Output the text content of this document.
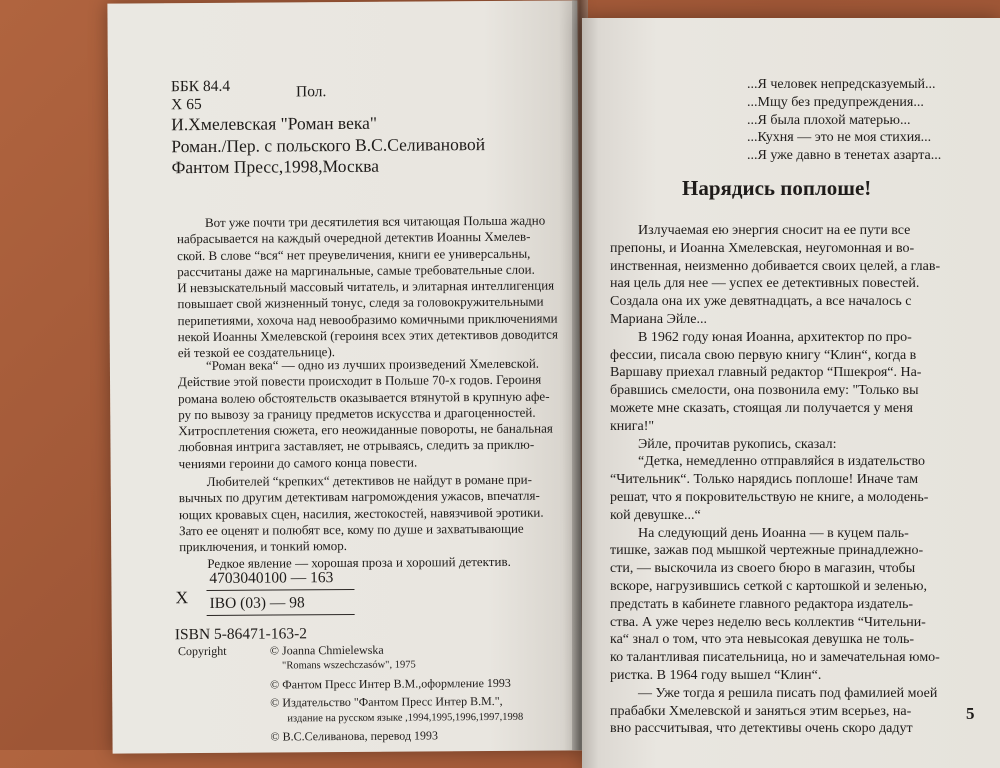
ББК 84.4	Пол.

Х 65

И.Хмелевская "Роман века"

Роман./Пер. с польского В.С.Селивановой

Фантом Пресс,1998,Москва

Вот уже почти три десятилетия вся читающая Польша жадно
набрасывается на каждый очередной детектив Иоанны Хмелев-
ской. В слове “вся“ нет преувеличения, книги ее универсальны,
рассчитаны даже на маргинальные, самые требовательные слои.
И невзыскательный массовый читатель, и элитарная интеллигенция
повышает свой жизненный тонус, следя за головокружительными
перипетиями, хохоча над невообразимо комичными приключениями
некой Иоанны Хмелевской (героиня всех этих детективов доводится
ей тезкой ее создательнице).
“Роман века“ — одно из лучших произведений Хмелевской.
Действие этой повести происходит в Польше 70-х годов. Героиня
романа волею обстоятельств оказывается втянутой в крупную афе-
ру по вывозу за границу предметов искусства и драгоценностей.
Хитросплетения сюжета, его неожиданные повороты, не банальная
любовная интрига заставляет, не отрываясь, следить за приклю-
чениями героини до самого конца повести.
Любителей “крепких“ детективов не найдут в романе при-
вычных по другим детективам нагромождения ужасов, впечатля-
ющих кровавых сцен, насилия, жестокостей, навязчивой эротики.
Зато ее оценят и полюбят все, кому по душе и захватывающие
приключения, и тонкий юмор.
Редкое явление — хорошая проза и хороший детектив.

Х

4703040100 — 163

IBO (03) — 98

ISBN 5-86471-163-2

Copyright	© Joanna Chmielewska

"Romans wszechczasów", 1975

© Фантом Пресс Интер В.М.,оформление 1993

© Издательство "Фантом Пресс Интер В.М.",

издание на русском языке ,1994,1995,1996,1997,1998

© В.С.Селиванова, перевод 1993

...Я человек непредсказуемый...
...Мщу без предупреждения...
...Я была плохой матерью...
...Кухня — это не моя стихия...
...Я уже давно в тенетах азарта...

Нарядись поплоше!

Излучаемая ею энергия сносит на ее пути все
препоны, и Иоанна Хмелевская, неугомонная и во-
инственная, неизменно добивается своих целей, а глав-
ная цель для нее — успех ее детективных повестей.
Создала она их уже девятнадцать, а все началось с
Мариана Эйле...
В 1962 году юная Иоанна, архитектор по про-
фессии, писала свою первую книгу “Клин“, когда в
Варшаву приехал главный редактор “Пшекроя“. На-
бравшись смелости, она позвонила ему: "Только вы
можете мне сказать, стоящая ли получается у меня
книга!"
Эйле, прочитав рукопись, сказал:
“Детка, немедленно отправляйся в издательство
“Чительник“. Только нарядись поплоше! Иначе там
решат, что я покровительствую не книге, а молодень-
кой девушке...“
На следующий день Иоанна — в куцем паль-
тишке, зажав под мышкой чертежные принадлежно-
сти, — выскочила из своего бюро в магазин, чтобы
вскоре, нагрузившись сеткой с картошкой и зеленью,
предстать в кабинете главного редактора издатель-
ства. А уже через неделю весь коллектив “Чительни-
ка“ знал о том, что эта невысокая девушка не толь-
ко талантливая писательница, но и замечательная юмо-
ристка. В 1964 году вышел “Клин“.
— Уже тогда я решила писать под фамилией моей
прабабки Хмелевской и заняться этим всерьез, на-
вно рассчитывая, что детективы очень скоро дадут

5
